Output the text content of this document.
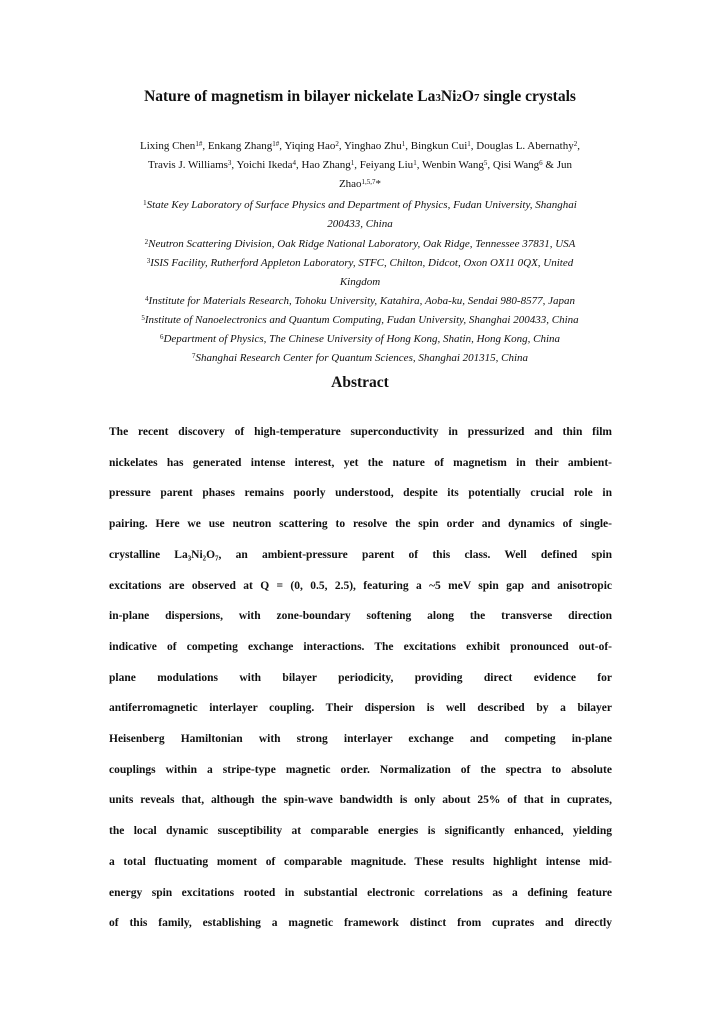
Nature of magnetism in bilayer nickelate La3Ni2O7 single crystals
Lixing Chen$^{1\#}$, Enkang Zhang$^{1\#}$, Yiqing Hao$^2$, Yinghao Zhu$^1$, Bingkun Cui$^1$, Douglas L. Abernathy$^2$,
Travis J. Williams$^3$, Yoichi Ikeda$^4$, Hao Zhang$^1$, Feiyang Liu$^1$, Wenbin Wang$^5$, Qisi Wang$^6$ & Jun
Zhao$^{1,5,7}$*
$^1$State Key Laboratory of Surface Physics and Department of Physics, Fudan University, Shanghai
200433, China
$^2$Neutron Scattering Division, Oak Ridge National Laboratory, Oak Ridge, Tennessee 37831, USA
$^3$ISIS Facility, Rutherford Appleton Laboratory, STFC, Chilton, Didcot, Oxon OX11 0QX, United
Kingdom
$^4$Institute for Materials Research, Tohoku University, Katahira, Aoba-ku, Sendai 980-8577, Japan
$^5$Institute of Nanoelectronics and Quantum Computing, Fudan University, Shanghai 200433, China
$^6$Department of Physics, The Chinese University of Hong Kong, Shatin, Hong Kong, China
$^7$Shanghai Research Center for Quantum Sciences, Shanghai 201315, China
Abstract
The recent discovery of high-temperature superconductivity in pressurized and thin film
nickelates has generated intense interest, yet the nature of magnetism in their ambient-
pressure parent phases remains poorly understood, despite its potentially crucial role in
pairing. Here we use neutron scattering to resolve the spin order and dynamics of single-
crystalline La₃Ni₂O₇, an ambient-pressure parent of this class. Well defined spin
excitations are observed at Q = (0, 0.5, 2.5), featuring a ~5 meV spin gap and anisotropic
in-plane dispersions, with zone-boundary softening along the transverse direction
indicative of competing exchange interactions. The excitations exhibit pronounced out-of-
plane modulations with bilayer periodicity, providing direct evidence for
antiferromagnetic interlayer coupling. Their dispersion is well described by a bilayer
Heisenberg Hamiltonian with strong interlayer exchange and competing in-plane
couplings within a stripe-type magnetic order. Normalization of the spectra to absolute
units reveals that, although the spin-wave bandwidth is only about 25% of that in cuprates,
the local dynamic susceptibility at comparable energies is significantly enhanced, yielding
a total fluctuating moment of comparable magnitude. These results highlight intense mid-
energy spin excitations rooted in substantial electronic correlations as a defining feature
of this family, establishing a magnetic framework distinct from cuprates and directly
